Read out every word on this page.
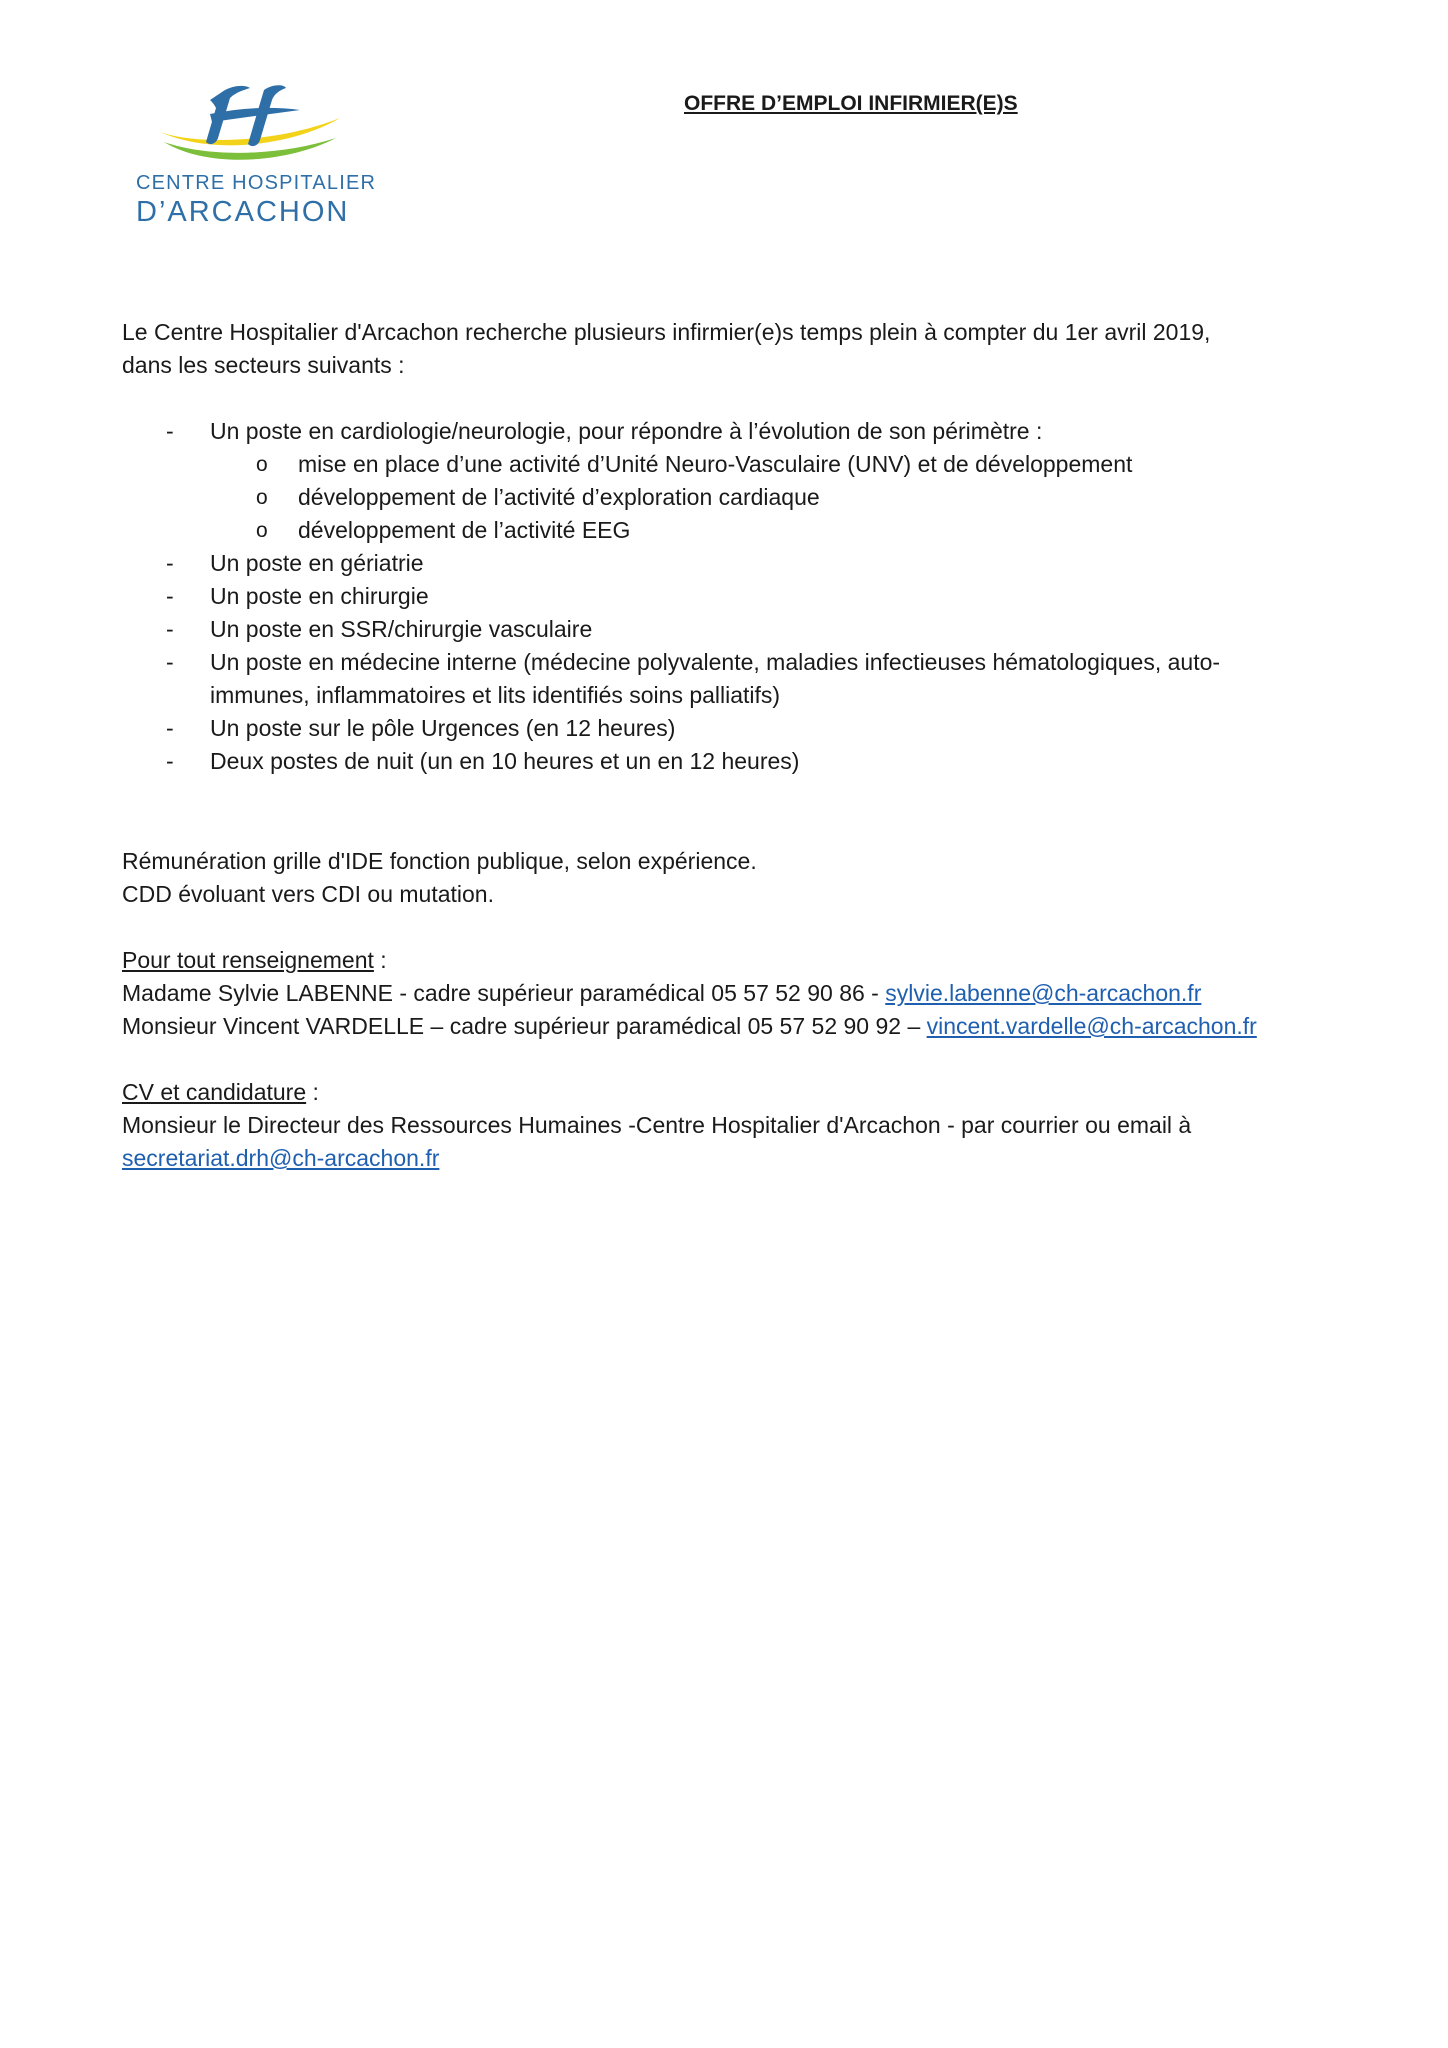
CENTRE HOSPITALIER
D’ARCACHON
OFFRE D’EMPLOI INFIRMIER(E)S
Le Centre Hospitalier d'Arcachon recherche plusieurs infirmier(e)s temps plein à compter du 1er avril 2019,
dans les secteurs suivants :
- Un poste en cardiologie/neurologie, pour répondre à l’évolution de son périmètre :
o mise en place d’une activité d’Unité Neuro-Vasculaire (UNV) et de développement
o développement de l’activité d’exploration cardiaque
o développement de l’activité EEG
- Un poste en gériatrie
- Un poste en chirurgie
- Un poste en SSR/chirurgie vasculaire
- Un poste en médecine interne (médecine polyvalente, maladies infectieuses hématologiques, auto-
immunes, inflammatoires et lits identifiés soins palliatifs)
- Un poste sur le pôle Urgences (en 12 heures)
- Deux postes de nuit (un en 10 heures et un en 12 heures)
Rémunération grille d'IDE fonction publique, selon expérience.
CDD évoluant vers CDI ou mutation.
Pour tout renseignement :
Madame Sylvie LABENNE - cadre supérieur paramédical 05 57 52 90 86 - sylvie.labenne@ch-arcachon.fr
Monsieur Vincent VARDELLE – cadre supérieur paramédical 05 57 52 90 92 – vincent.vardelle@ch-arcachon.fr
CV et candidature :
Monsieur le Directeur des Ressources Humaines -Centre Hospitalier d'Arcachon - par courrier ou email à
secretariat.drh@ch-arcachon.fr
